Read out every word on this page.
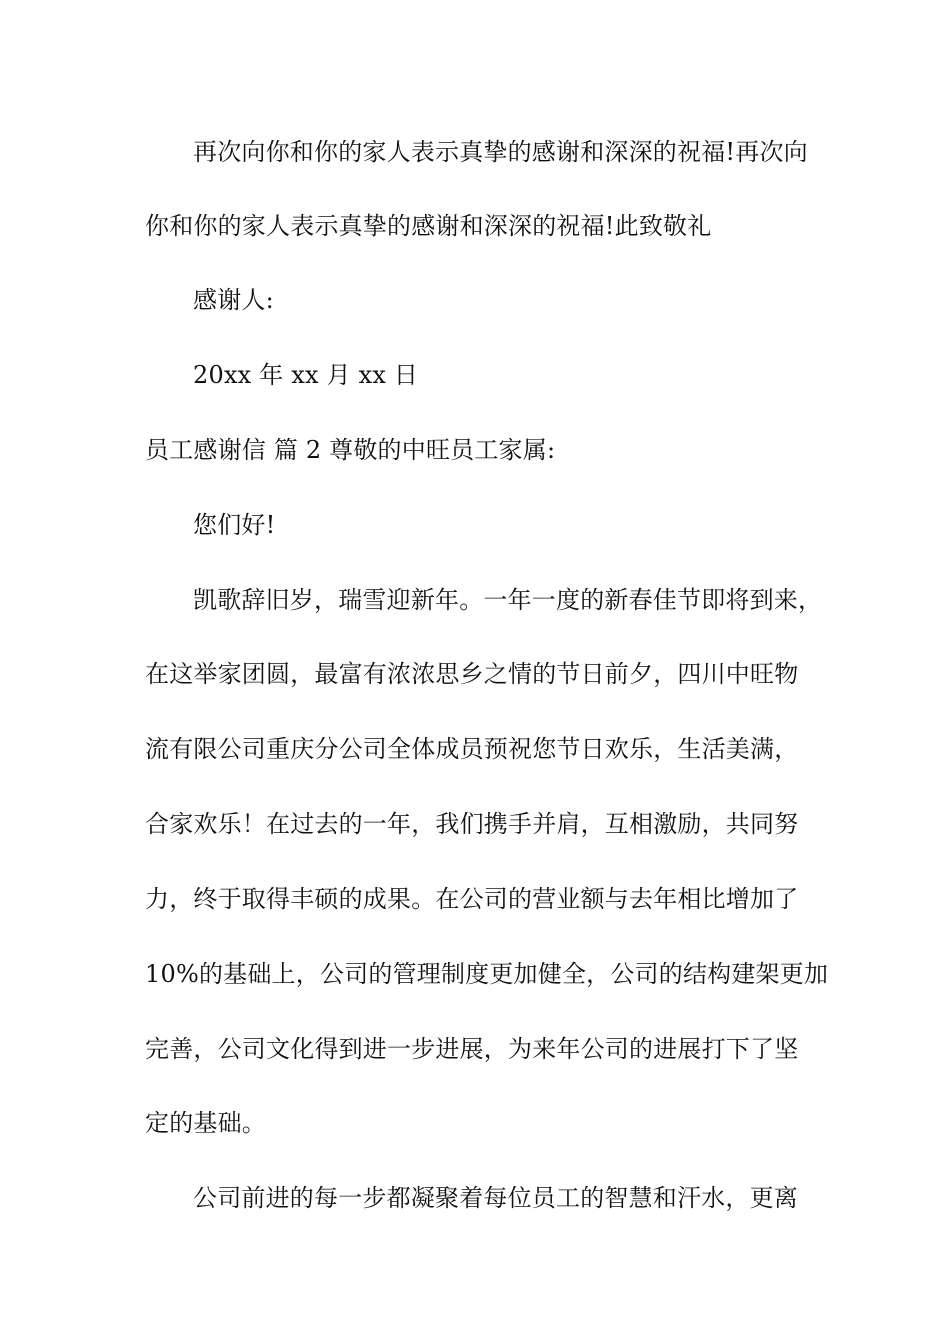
再次向你和你的家人表示真挚的感谢和深深的祝福!再次向
你和你的家人表示真挚的感谢和深深的祝福!此致敬礼
感谢人:
20xx 年 xx 月 xx 日
员工感谢信 篇 2 尊敬的中旺员工家属:
您们好!
凯歌辞旧岁，瑞雪迎新年。一年一度的新春佳节即将到来，
在这举家团圆，最富有浓浓思乡之情的节日前夕，四川中旺物
流有限公司重庆分公司全体成员预祝您节日欢乐，生活美满，
合家欢乐！在过去的一年，我们携手并肩，互相激励，共同努
力，终于取得丰硕的成果。在公司的营业额与去年相比增加了
10%的基础上，公司的管理制度更加健全，公司的结构建架更加
完善，公司文化得到进一步进展，为来年公司的进展打下了坚
定的基础。
公司前进的每一步都凝聚着每位员工的智慧和汗水，更离
